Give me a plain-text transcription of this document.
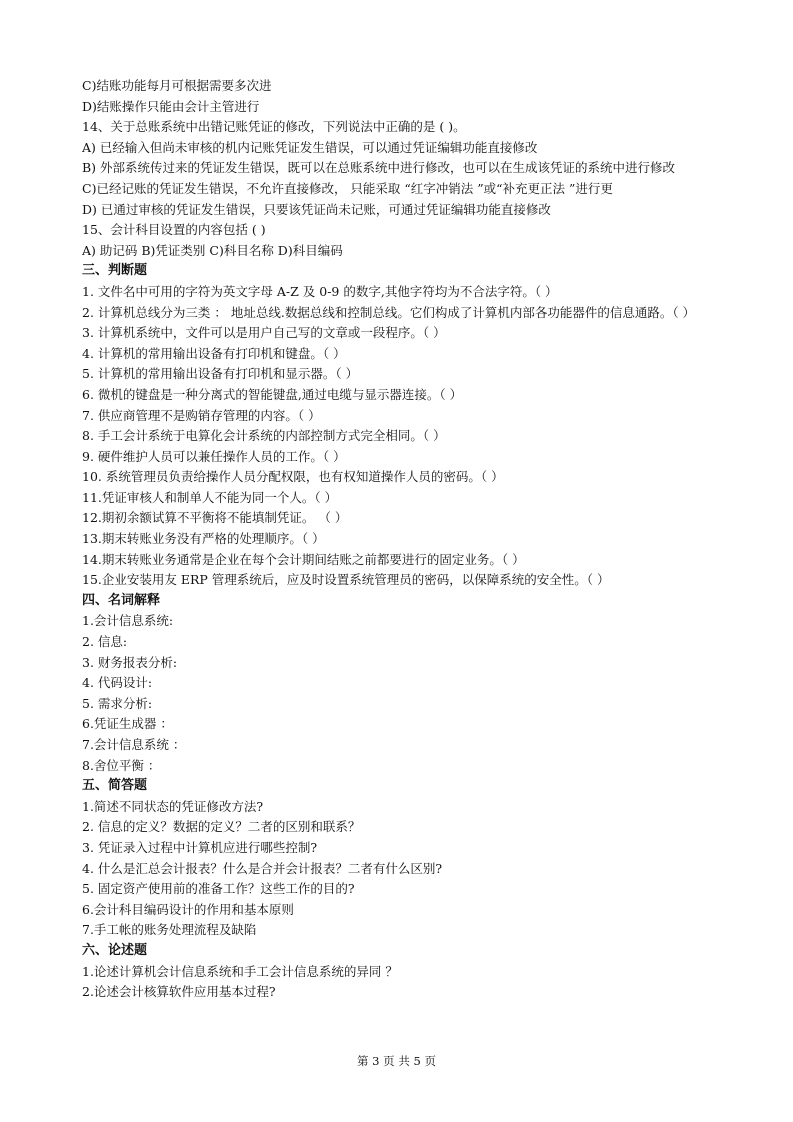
C)结账功能每月可根据需要多次进
D)结账操作只能由会计主管进行
14、关于总账系统中出错记账凭证的修改，下列说法中正确的是 ( )。
A) 已经输入但尚未审核的机内记账凭证发生错误，可以通过凭证编辑功能直接修改
B) 外部系统传过来的凭证发生错误，既可以在总账系统中进行修改，也可以在生成该凭证的系统中进行修改
C)已经记账的凭证发生错误，不允许直接修改， 只能采取 “红字冲销法 ”或“补充更正法 ”进行更
D) 已通过审核的凭证发生错误，只要该凭证尚未记账，可通过凭证编辑功能直接修改
15、会计科目设置的内容包括 ( )
A) 助记码 B)凭证类别 C)科目名称 D)科目编码
三、判断题
1. 文件名中可用的字符为英文字母 A-Z 及 0-9 的数字,其他字符均为不合法字符。（ ）
2. 计算机总线分为三类 ： 地址总线.数据总线和控制总线。它们构成了计算机内部各功能器件的信息通路。（ ）
3. 计算机系统中，文件可以是用户自己写的文章或一段程序。（ ）
4. 计算机的常用输出设备有打印机和键盘。（ ）
5. 计算机的常用输出设备有打印机和显示器。（ ）
6. 微机的键盘是一种分离式的智能键盘,通过电缆与显示器连接。（ ）
7. 供应商管理不是购销存管理的内容。（ ）
8. 手工会计系统于电算化会计系统的内部控制方式完全相同。（ ）
9. 硬件维护人员可以兼任操作人员的工作。（ ）
10. 系统管理员负责给操作人员分配权限，也有权知道操作人员的密码。（ ）
11.凭证审核人和制单人不能为同一个人。（ ）
12.期初余额试算不平衡将不能填制凭证。 （ ）
13.期末转账业务没有严格的处理顺序。（ ）
14.期末转账业务通常是企业在每个会计期间结账之前都要进行的固定业务。（ ）
15.企业安装用友 ERP 管理系统后，应及时设置系统管理员的密码，以保障系统的安全性。（ ）
四、名词解释
1.会计信息系统:
2. 信息:
3. 财务报表分析:
4. 代码设计:
5. 需求分析:
6.凭证生成器 ：
7.会计信息系统 ：
8.舍位平衡 ：
五、简答题
1.简述不同状态的凭证修改方法?
2. 信息的定义？数据的定义？二者的区别和联系？
3. 凭证录入过程中计算机应进行哪些控制?
4. 什么是汇总会计报表？什么是合并会计报表？二者有什么区别?
5. 固定资产使用前的准备工作？这些工作的目的?
6.会计科目编码设计的作用和基本原则
7.手工帐的账务处理流程及缺陷
六、论述题
1.论述计算机会计信息系统和手工会计信息系统的异同 ？
2.论述会计核算软件应用基本过程?
第 3 页 共 5 页
